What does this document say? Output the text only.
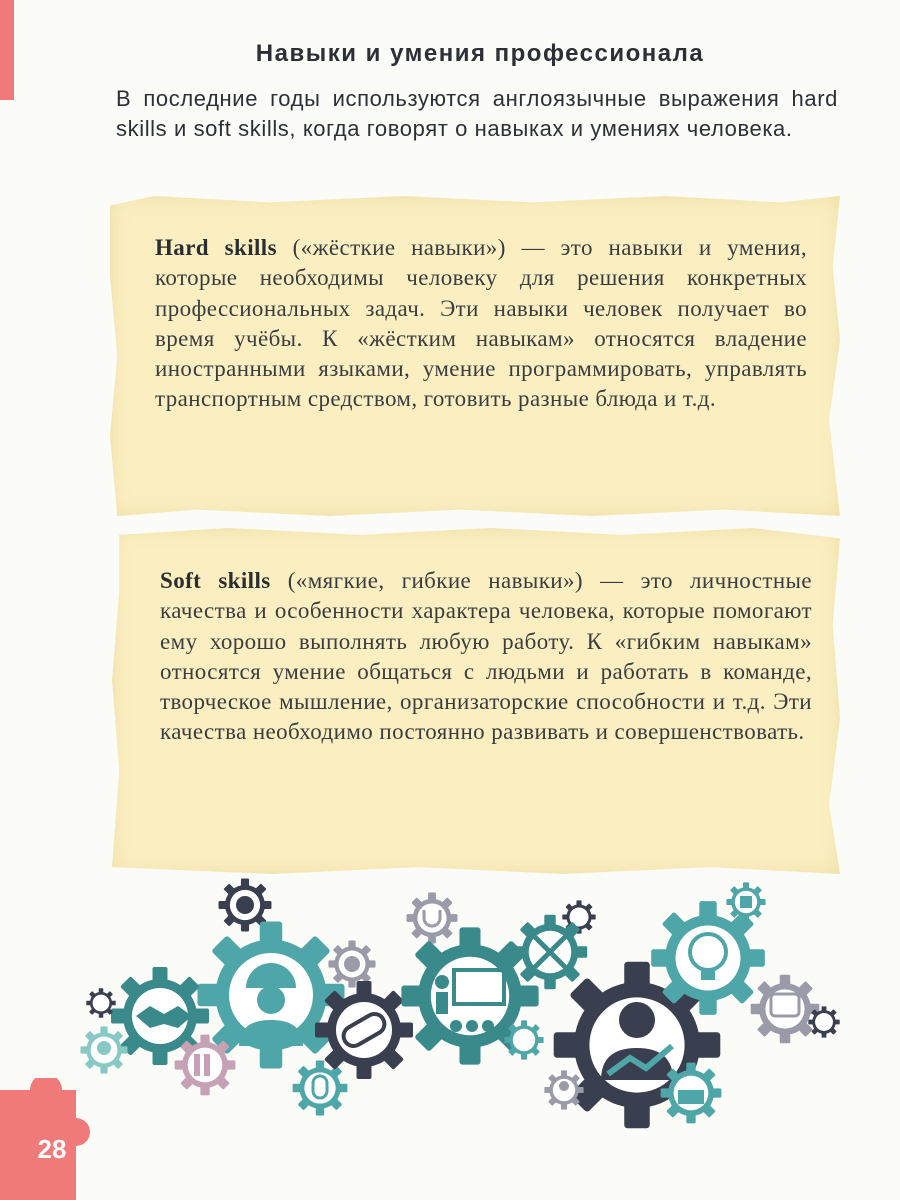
Навыки и умения профессионала
В последние годы используются англоязычные выражения hard skills и soft skills, когда говорят о навыках и умениях человека.
Hard skills («жёсткие навыки») — это навыки и умения, которые необходимы человеку для решения конкретных профессиональных задач. Эти навыки человек получает во время учёбы. К «жёстким навыкам» относятся владение иностранными языками, умение программировать, управлять транспортным средством, готовить разные блюда и т.д.
Soft skills («мягкие, гибкие навыки») — это личностные качества и особенности характера человека, которые помогают ему хорошо выполнять любую работу. К «гибким навыкам» относятся умение общаться с людьми и работать в команде, творческое мышление, организаторские способности и т.д. Эти качества необходимо постоянно развивать и совершенствовать.
28
